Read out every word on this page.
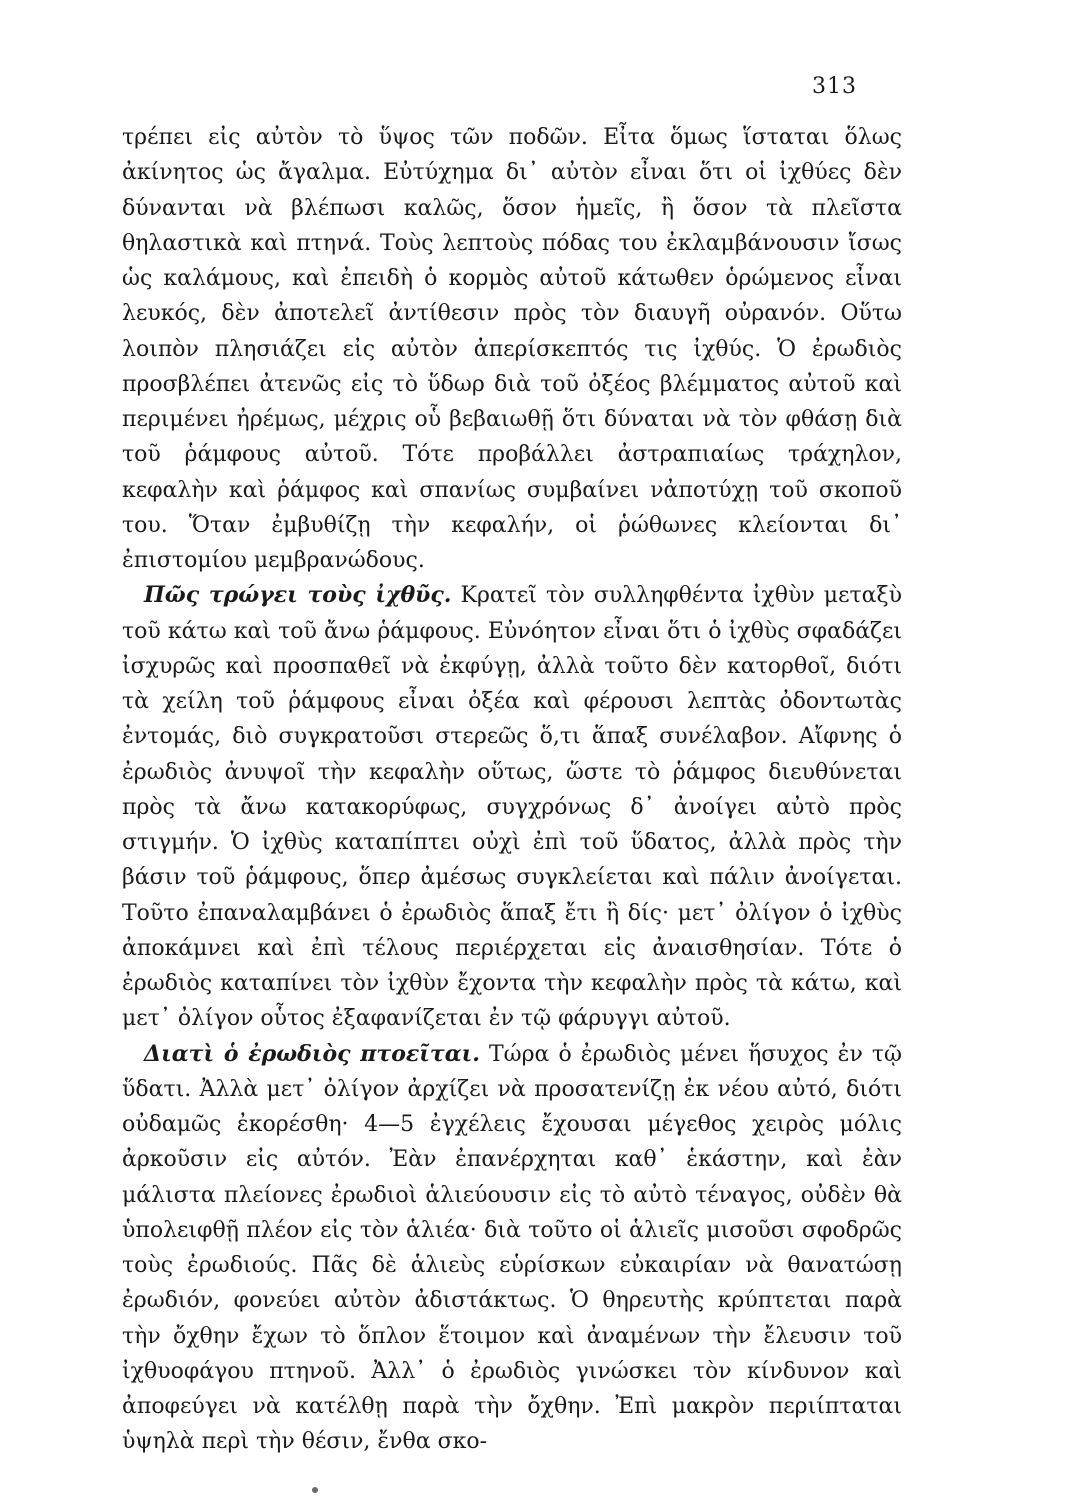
313

τρέπει εἰς αὐτὸν τὸ ὕψος τῶν ποδῶν. Εἶτα ὅμως ἵσταται ὅλως ἀκίνητος ὡς ἄγαλμα. Εὐτύχημα δι᾽ αὐτὸν εἶναι ὅτι οἱ ἰχθύες δὲν δύνανται νὰ βλέπωσι καλῶς, ὅσον ἡμεῖς, ἢ ὅσον τὰ πλεῖστα θηλαστικὰ καὶ πτηνά. Τοὺς λεπτοὺς πόδας του ἐκλαμβάνουσιν ἴσως ὡς καλάμους, καὶ ἐπειδὴ ὁ κορμὸς αὐτοῦ κάτωθεν ὁρώμενος εἶναι λευκός, δὲν ἀποτελεῖ ἀντίθεσιν πρὸς τὸν διαυγῆ οὐρανόν. Οὕτω λοιπὸν πλησιάζει εἰς αὐτὸν ἀπερίσκεπτός τις ἰχθύς. Ὁ ἐρωδιὸς προσβλέπει ἀτενῶς εἰς τὸ ὕδωρ διὰ τοῦ ὀξέος βλέμματος αὐτοῦ καὶ περιμένει ἠρέμως, μέχρις οὗ βεβαιωθῇ ὅτι δύναται νὰ τὸν φθάσῃ διὰ τοῦ ῥάμφους αὐτοῦ. Τότε προβάλλει ἀστραπιαίως τράχηλον, κεφαλὴν καὶ ῥάμφος καὶ σπανίως συμβαίνει νἀποτύχῃ τοῦ σκοποῦ του. Ὅταν ἐμβυθίζῃ τὴν κεφαλήν, οἱ ῥώθωνες κλείονται δι᾽ ἐπιστομίου μεμβρανώδους.

Πῶς τρώγει τοὺς ἰχθῦς. Κρατεῖ τὸν συλληφθέντα ἰχθὺν μεταξὺ τοῦ κάτω καὶ τοῦ ἄνω ῥάμφους. Εὐνόητον εἶναι ὅτι ὁ ἰχθὺς σφαδάζει ἰσχυρῶς καὶ προσπαθεῖ νὰ ἐκφύγῃ, ἀλλὰ τοῦτο δὲν κατορθοῖ, διότι τὰ χείλη τοῦ ῥάμφους εἶναι ὀξέα καὶ φέρουσι λεπτὰς ὀδοντωτὰς ἐντομάς, διὸ συγκρατοῦσι στερεῶς ὅ,τι ἅπαξ συνέλαβον. Αἴφνης ὁ ἐρωδιὸς ἀνυψοῖ τὴν κεφαλὴν οὕτως, ὥστε τὸ ῥάμφος διευθύνεται πρὸς τὰ ἄνω κατακορύφως, συγχρόνως δ᾽ ἀνοίγει αὐτὸ πρὸς στιγμήν. Ὁ ἰχθὺς καταπίπτει οὐχὶ ἐπὶ τοῦ ὕδατος, ἀλλὰ πρὸς τὴν βάσιν τοῦ ῥάμφους, ὅπερ ἀμέσως συγκλείεται καὶ πάλιν ἀνοίγεται. Τοῦτο ἐπαναλαμβάνει ὁ ἐρωδιὸς ἅπαξ ἔτι ἢ δίς· μετ᾽ ὀλίγον ὁ ἰχθὺς ἀποκάμνει καὶ ἐπὶ τέλους περιέρχεται εἰς ἀναισθησίαν. Τότε ὁ ἐρωδιὸς καταπίνει τὸν ἰχθὺν ἔχοντα τὴν κεφαλὴν πρὸς τὰ κάτω, καὶ μετ᾽ ὀλίγον οὗτος ἐξαφανίζεται ἐν τῷ φάρυγγι αὐτοῦ.

Διατὶ ὁ ἐρωδιὸς πτοεῖται. Τώρα ὁ ἐρωδιὸς μένει ἥσυχος ἐν τῷ ὕδατι. Ἀλλὰ μετ᾽ ὀλίγον ἀρχίζει νὰ προσατενίζῃ ἐκ νέου αὐτό, διότι οὐδαμῶς ἐκορέσθη· 4—5 ἐγχέλεις ἔχουσαι μέγεθος χειρὸς μόλις ἀρκοῦσιν εἰς αὐτόν. Ἐὰν ἐπανέρχηται καθ᾽ ἑκάστην, καὶ ἐὰν μάλιστα πλείονες ἐρωδιοὶ ἁλιεύουσιν εἰς τὸ αὐτὸ τέναγος, οὐδὲν θὰ ὑπολειφθῇ πλέον εἰς τὸν ἁλιέα· διὰ τοῦτο οἱ ἁλιεῖς μισοῦσι σφοδρῶς τοὺς ἐρωδιούς. Πᾶς δὲ ἁλιεὺς εὑρίσκων εὐκαιρίαν νὰ θανατώσῃ ἐρωδιόν, φονεύει αὐτὸν ἀδιστάκτως. Ὁ θηρευτὴς κρύπτεται παρὰ τὴν ὄχθην ἔχων τὸ ὅπλον ἕτοιμον καὶ ἀναμένων τὴν ἔλευσιν τοῦ ἰχθυοφάγου πτηνοῦ. Ἀλλ᾽ ὁ ἐρωδιὸς γινώσκει τὸν κίνδυνον καὶ ἀποφεύγει νὰ κατέλθῃ παρὰ τὴν ὄχθην. Ἐπὶ μακρὸν περιίπταται ὑψηλὰ περὶ τὴν θέσιν, ἔνθα σκο-
